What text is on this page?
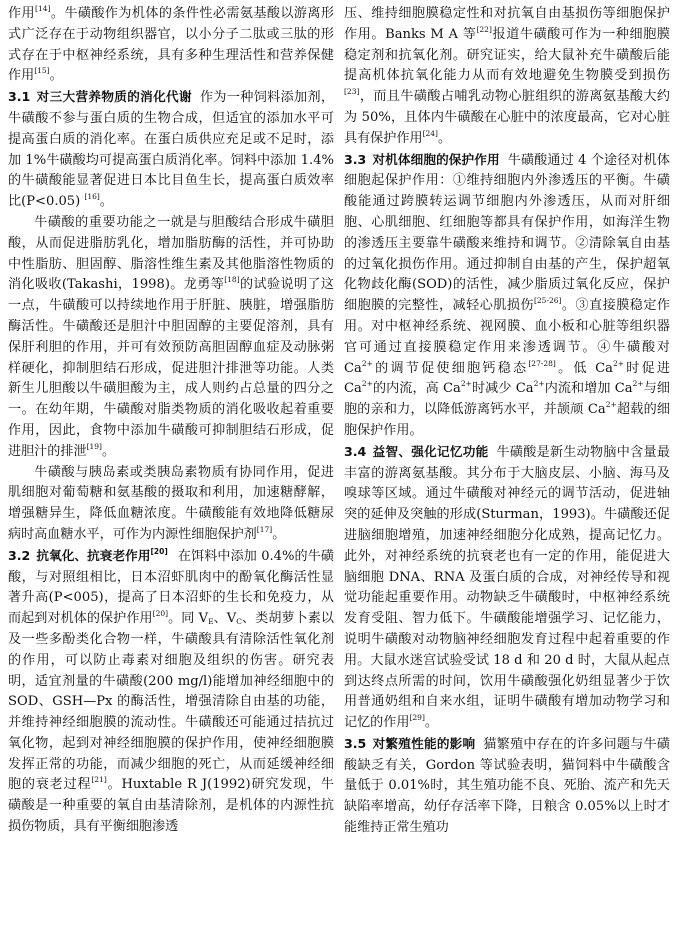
作用[14]。牛磺酸作为机体的条件性必需氨基酸以游离形式广泛存在于动物组织器官，以小分子二肽或三肽的形式存在于中枢神经系统，具有多种生理活性和营养保健作用[15]。

3.1 对三大营养物质的消化代谢 作为一种饲料添加剂，牛磺酸不参与蛋白质的生物合成，但适宜的添加水平可提高蛋白质的消化率。在蛋白质供应充足或不足时，添加 1%牛磺酸均可提高蛋白质消化率。饲料中添加 1.4% 的牛磺酸能显著促进日本比目鱼生长，提高蛋白质效率比(P<0.05) [16]。

牛磺酸的重要功能之一就是与胆酸结合形成牛磺胆酸，从而促进脂肪乳化，增加脂肪酶的活性，并可协助中性脂肪、胆固醇、脂溶性维生素及其他脂溶性物质的消化吸收(Takashi，1998)。龙勇等[18]的试验说明了这一点，牛磺酸可以持续地作用于肝脏、胰脏，增强脂肪酶活性。牛磺酸还是胆汁中胆固醇的主要促溶剂，具有保肝利胆的作用，并可有效预防高胆固醇血症及动脉粥样硬化，抑制胆结石形成，促进胆汁排泄等功能。人类新生儿胆酸以牛磺胆酸为主，成人则约占总量的四分之一。在幼年期，牛磺酸对脂类物质的消化吸收起着重要作用，因此，食物中添加牛磺酸可抑制胆结石形成，促进胆汁的排泄[19]。

牛磺酸与胰岛素或类胰岛素物质有协同作用，促进肌细胞对葡萄糖和氨基酸的摄取和利用，加速糖酵解，增强糖异生，降低血糖浓度。牛磺酸能有效地降低糖尿病时高血糖水平，可作为内源性细胞保护剂[17]。

3.2 抗氧化、抗衰老作用[20] 在饵料中添加 0.4%的牛磺酸，与对照组相比，日本沼虾肌肉中的酚氧化酶活性显著升高(P<005)，提高了日本沼虾的生长和免疫力，从而起到对机体的保护作用[20]。同 $V_E$、$V_C$、类胡萝卜素以及一些多酚类化合物一样，牛磺酸具有清除活性氧化剂的作用，可以防止毒素对细胞及组织的伤害。研究表明，适宜剂量的牛磺酸(200 mg/l)能增加神经细胞中的 SOD、GSH—Px 的酶活性，增强清除自由基的功能，并维持神经细胞膜的流动性。牛磺酸还可能通过拮抗过氧化物，起到对神经细胞膜的保护作用，使神经细胞膜发挥正常的功能，而减少细胞的死亡，从而延缓神经细胞的衰老过程[21]。Huxtable R J(1992)研究发现，牛磺酸是一种重要的氧自由基清除剂，是机体的内源性抗损伤物质，具有平衡细胞渗透

压、维持细胞膜稳定性和对抗氧自由基损伤等细胞保护作用。Banks M A 等[22]报道牛磺酸可作为一种细胞膜稳定剂和抗氧化剂。研究证实，给大鼠补充牛磺酸后能提高机体抗氧化能力从而有效地避免生物膜受到损伤[23]，而且牛磺酸占哺乳动物心脏组织的游离氨基酸大约为 50%，且体内牛磺酸在心脏中的浓度最高，它对心脏具有保护作用[24]。

3.3 对机体细胞的保护作用 牛磺酸通过 4 个途径对机体细胞起保护作用：①维持细胞内外渗透压的平衡。牛磺酸能通过跨膜转运调节细胞内外渗透压，从而对肝细胞、心肌细胞、红细胞等都具有保护作用，如海洋生物的渗透压主要靠牛磺酸来维持和调节。②清除氧自由基的过氧化损伤作用。通过抑制自由基的产生，保护超氧化物歧化酶(SOD)的活性，减少脂质过氧化反应，保护细胞膜的完整性，减轻心肌损伤[25-26]。③直接膜稳定作用。对中枢神经系统、视网膜、血小板和心脏等组织器官可通过直接膜稳定作用来渗透调节。④牛磺酸对 $Ca^{2+}$的调节促使细胞钙稳态[27-28]。低 $Ca^{2+}$时促进 $Ca^{2+}$的内流，高 $Ca^{2+}$时减少 $Ca^{2+}$内流和增加 $Ca^{2+}$与细胞的亲和力，以降低游离钙水平，并颉颃 $Ca^{2+}$超载的细胞保护作用。

3.4 益智、强化记忆功能 牛磺酸是新生动物脑中含量最丰富的游离氨基酸。其分布于大脑皮层、小脑、海马及嗅球等区域。通过牛磺酸对神经元的调节活动，促进轴突的延伸及突触的形成(Sturman，1993)。牛磺酸还促进脑细胞增殖，加速神经细胞分化成熟，提高记忆力。此外，对神经系统的抗衰老也有一定的作用，能促进大脑细胞 DNA、RNA 及蛋白质的合成，对神经传导和视觉功能起重要作用。动物缺乏牛磺酸时，中枢神经系统发育受阻、智力低下。牛磺酸能增强学习、记忆能力，说明牛磺酸对动物脑神经细胞发育过程中起着重要的作用。大鼠水迷宫试验受试 18 d 和 20 d 时，大鼠从起点到达终点所需的时间，饮用牛磺酸强化奶组显著少于饮用普通奶组和自来水组，证明牛磺酸有增加动物学习和记忆的作用[29]。

3.5 对繁殖性能的影响 猫繁殖中存在的许多问题与牛磺酸缺乏有关，Gordon 等试验表明，猫饲料中牛磺酸含量低于 0.01%时，其生殖功能不良、死胎、流产和先天缺陷率增高，幼仔存活率下降，日粮含 0.05%以上时才能维持正常生殖功
